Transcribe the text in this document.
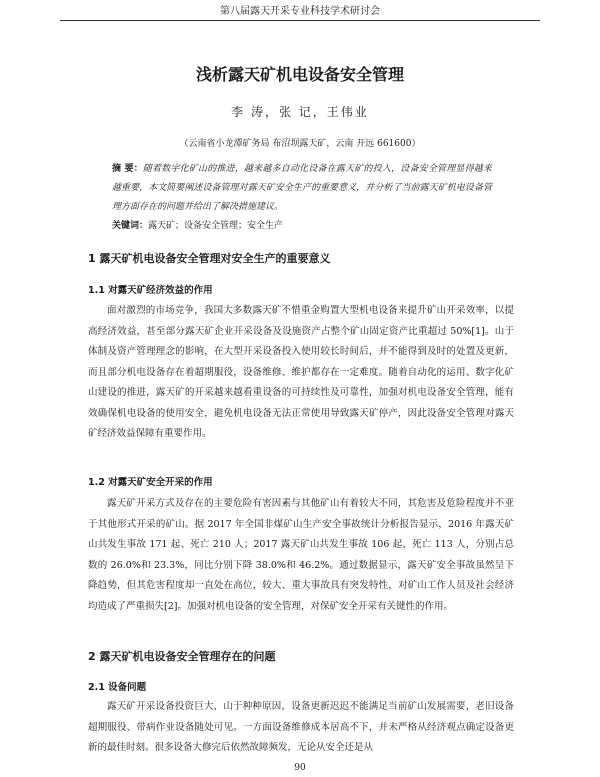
第八届露天开采专业科技学术研讨会
浅析露天矿机电设备安全管理
李 涛，张 记，王伟业
（云南省小龙潭矿务局 布沼坝露天矿，云南 开远 661600）
摘 要：随着数字化矿山的推进，越来越多自动化设备在露天矿的投入，设备安全管理显得越来越重要，本文简要阐述设备管理对露天矿安全生产的重要意义，并分析了当前露天矿机电设备管理方面存在的问题并给出了解决措施建议。
关键词：露天矿；设备安全管理；安全生产
1 露天矿机电设备安全管理对安全生产的重要意义
1.1 对露天矿经济效益的作用

面对激烈的市场竞争，我国大多数露天矿不惜重金购置大型机电设备来提升矿山开采效率，以提高经济效益，甚至部分露天矿企业开采设备及设施资产占整个矿山固定资产比重超过 50%[1]。山于体制及资产管理理念的影响，在大型开采设备投入使用较长时间后，并不能得到及时的处置及更新，而且部分机电设备存在着超期服役，设备维修、维护都存在一定难度。随着自动化的运用、数字化矿山建设的推进，露天矿的开采越来越看重设备的可持续性及可靠性，加强对机电设备安全管理，能有效确保机电设备的使用安全，避免机电设备无法正常使用导致露天矿停产，因此设备安全管理对露天矿经济效益保障有重要作用。

1.2 对露天矿安全开采的作用

露天矿开采方式及存在的主要危险有害因素与其他矿山有着较大不同，其危害及危险程度并不亚于其他形式开采的矿山。据 2017 年全国非煤矿山生产安全事故统计分析报告显示，2016 年露天矿山共发生事故 171 起、死亡 210 人；2017 露天矿山共发生事故 106 起、死亡 113 人，分别占总数的 26.0%和 23.3%，同比分别下降 38.0%和 46.2%。通过数据显示，露天矿安全事故虽然呈下降趋势，但其危害程度却一直处在高位，较大、重大事故具有突发特性，对矿山工作人员及社会经济均造成了严重损失[2]。加强对机电设备的安全管理，对保矿安全开采有关键性的作用。

2 露天矿机电设备安全管理存在的问题
2.1 设备问题

露天矿开采设备投资巨大，山于种种原因，设备更新迟迟不能满足当前矿山发展需要，老旧设备超期服役、带病作业设备随处可见。一方面设备维修成本居高不下，并未严格从经济观点确定设备更新的最佳时刻。很多设备大修完后依然故障频发，无论从安全还是从

90
